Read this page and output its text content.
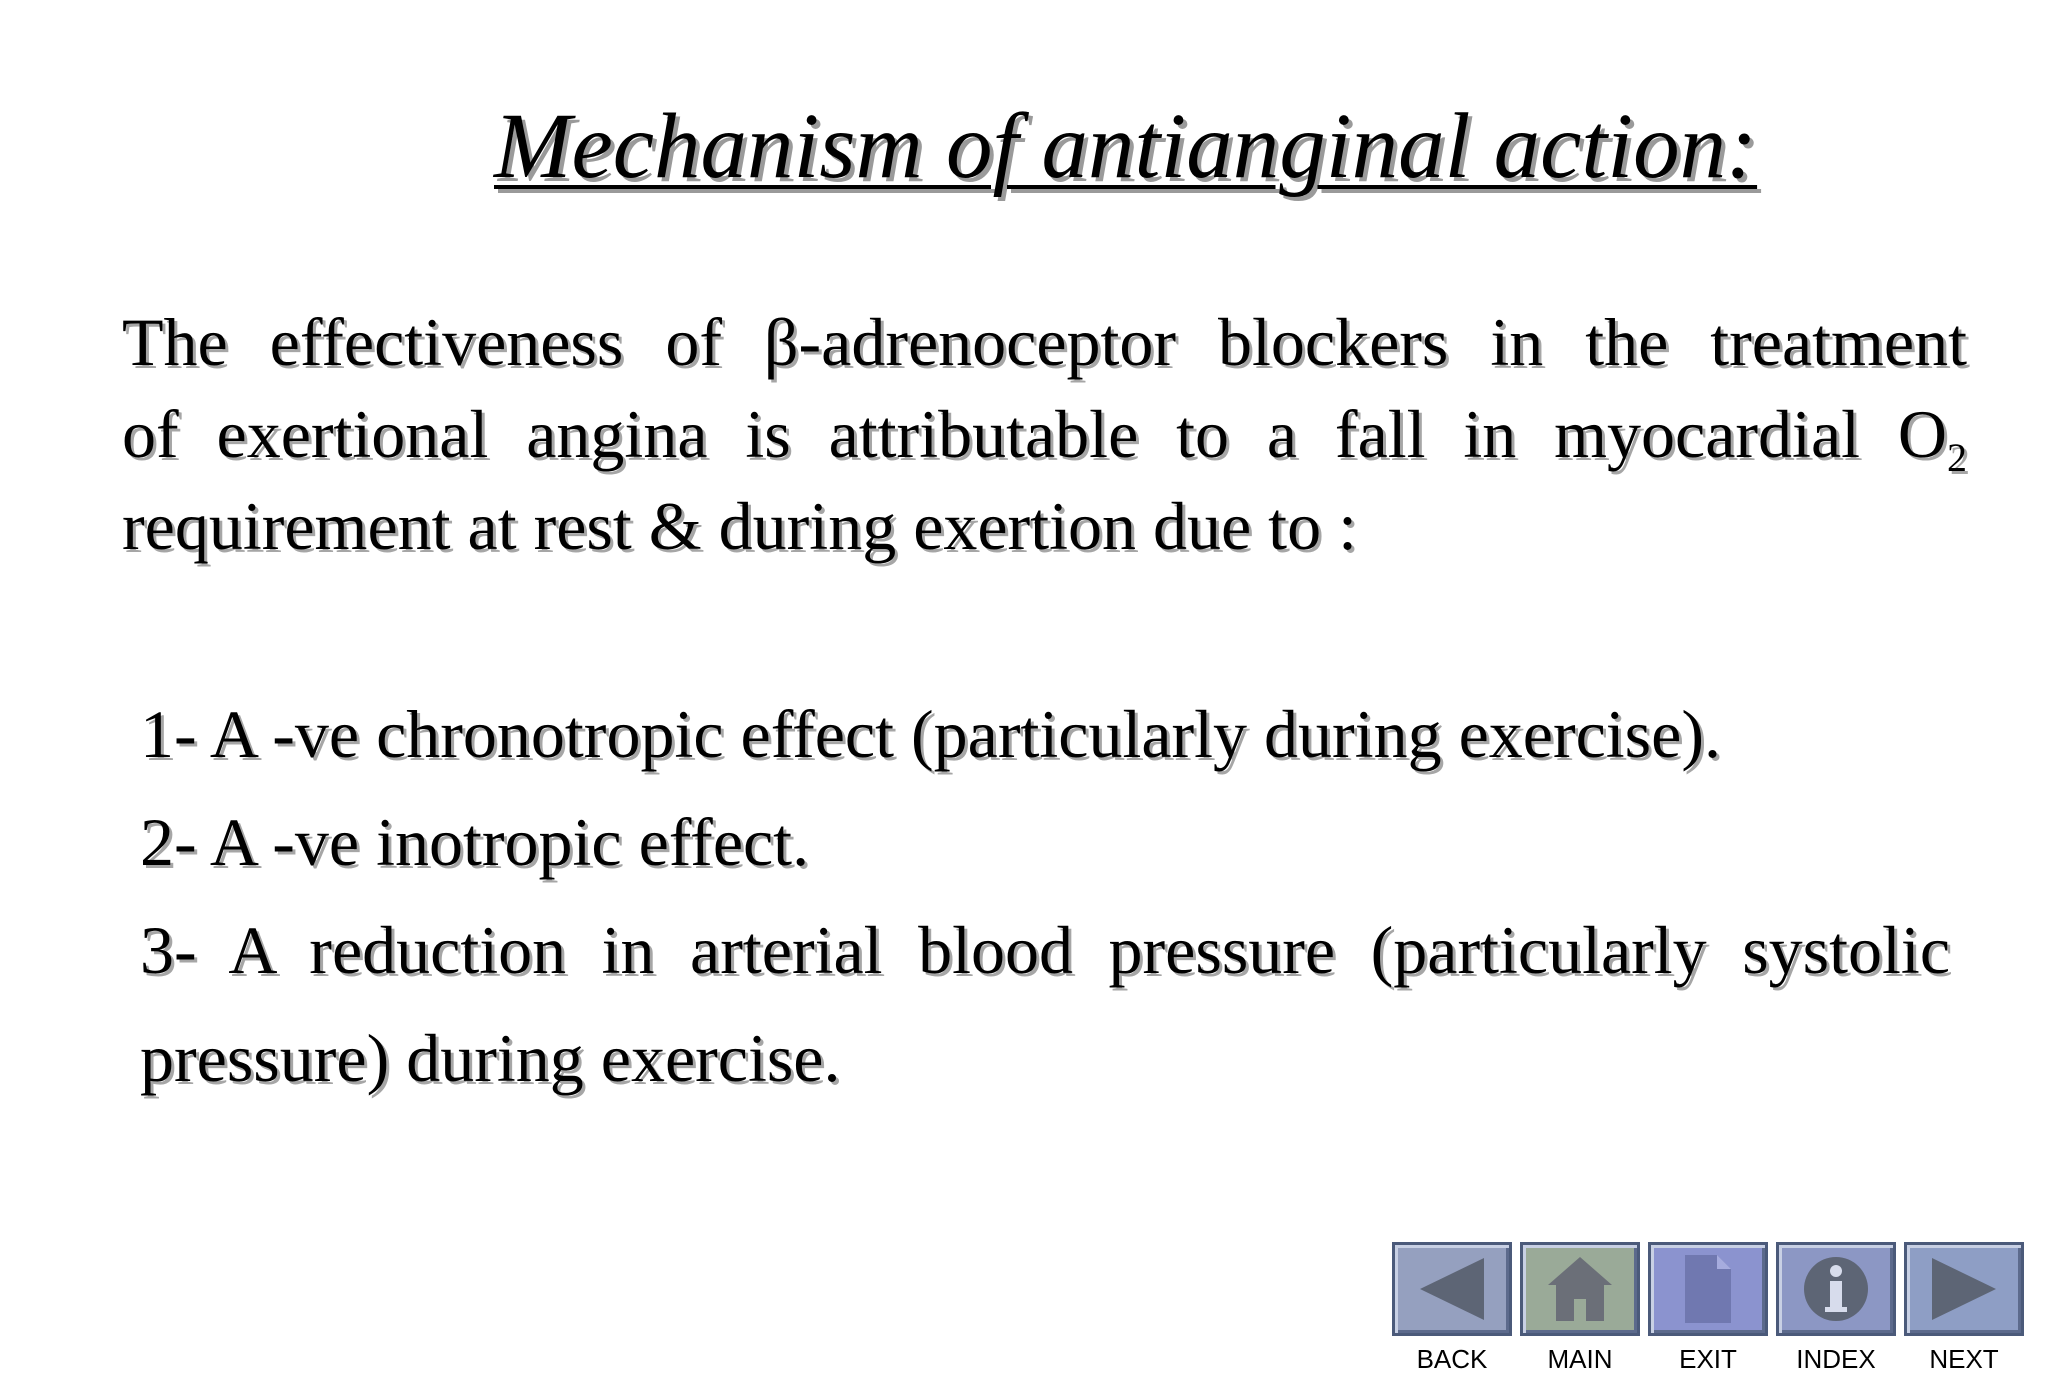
Mechanism of antianginal action:
The effectiveness of β-adrenoceptor blockers in the treatment
of exertional angina is attributable to a fall in myocardial $O_2$
requirement at rest & during exertion due to :
1- A -ve chronotropic effect (particularly during exercise).
2- A -ve inotropic effect.
3- A reduction in arterial blood pressure (particularly systolic
pressure) during exercise.
BACK MAIN	EXIT INDEX NEXT
